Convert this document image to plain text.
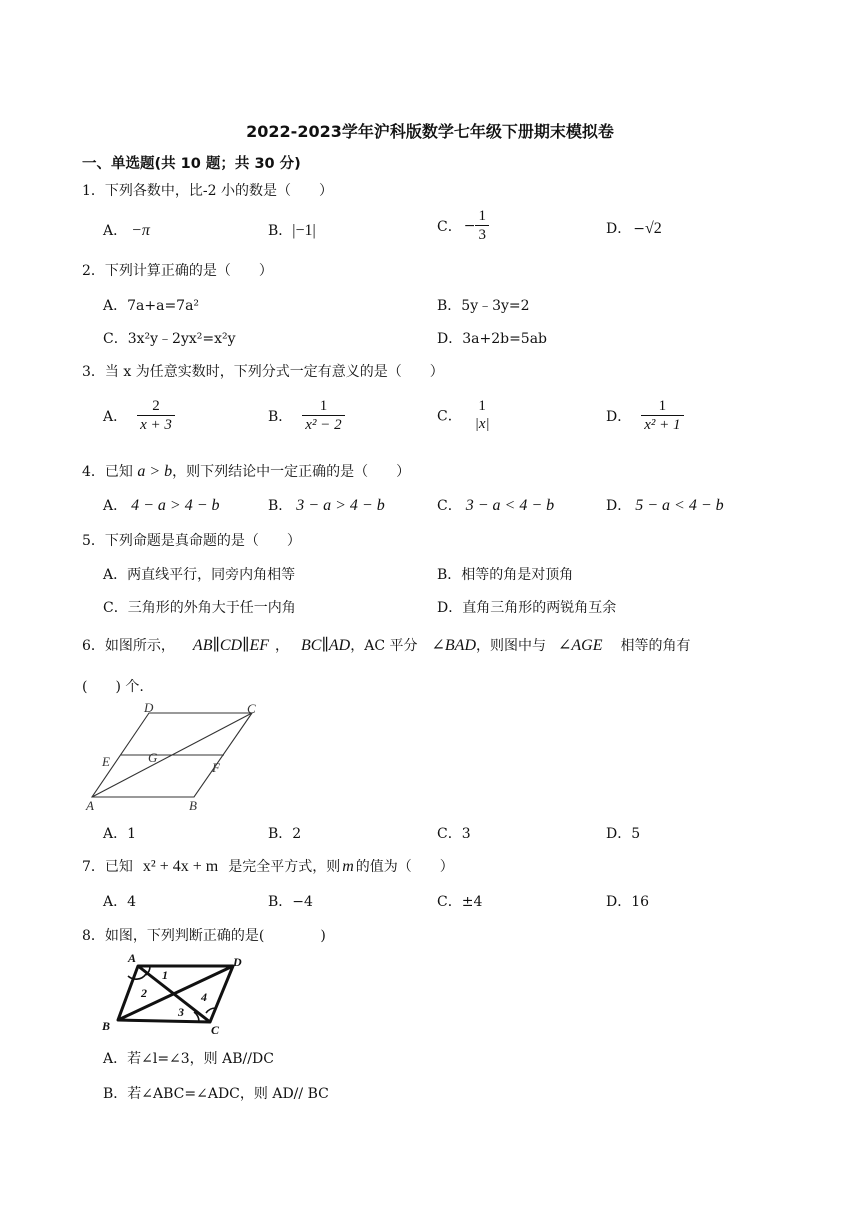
2022-2023学年沪科版数学七年级下册期末模拟卷
一、单选题(共 10 题；共 30 分)
1．下列各数中，比-2 小的数是（　　）
A． −π	B．|−1|	C． − $\frac{1}{3}$	D． −√2
2．下列计算正确的是（　　）
A．7a+a=7a²	B．5y﹣3y=2
C．3x²y﹣2yx²=x²y	D．3a+2b=5ab
3．当 x 为任意实数时，下列分式一定有意义的是（　　）
A． $\frac{2}{x + 3}$	B． $\frac{1}{\text{x² − 2}}$	C．
1
|x|	D． $\frac{1}{\text{x² + 1}}$
4．已知 a > b，则下列结论中一定正确的是（　　）
A． 4 − a > 4 − b	B． 3 − a > 4 − b	C． 3 − a < 4 − b	D． 5 − a < 4 − b
5．下列命题是真命题的是（　　）
A．两直线平行，同旁内角相等	B．相等的角是对顶角
C．三角形的外角大于任一内角	D．直角三角形的两锐角互余
6．如图所示， AB∥CD∥EF ， BC∥AD，AC 平分 ∠BAD，则图中与 ∠AGE 相等的角有
(　　) 个.
D	C
E	G
F
A	B
A．1	B．2	C．3	D．5
7．已知 x² + 4x + m 是完全平方式，则 m 的值为（　　）
A．4	B．−4	C．±4	D．16
8．如图，下列判断正确的是(　　　　)
A	D
B	C
1
2
3
4
A．若∠l=∠3，则 AB//DC
B．若∠ABC=∠ADC，则 AD// BC
